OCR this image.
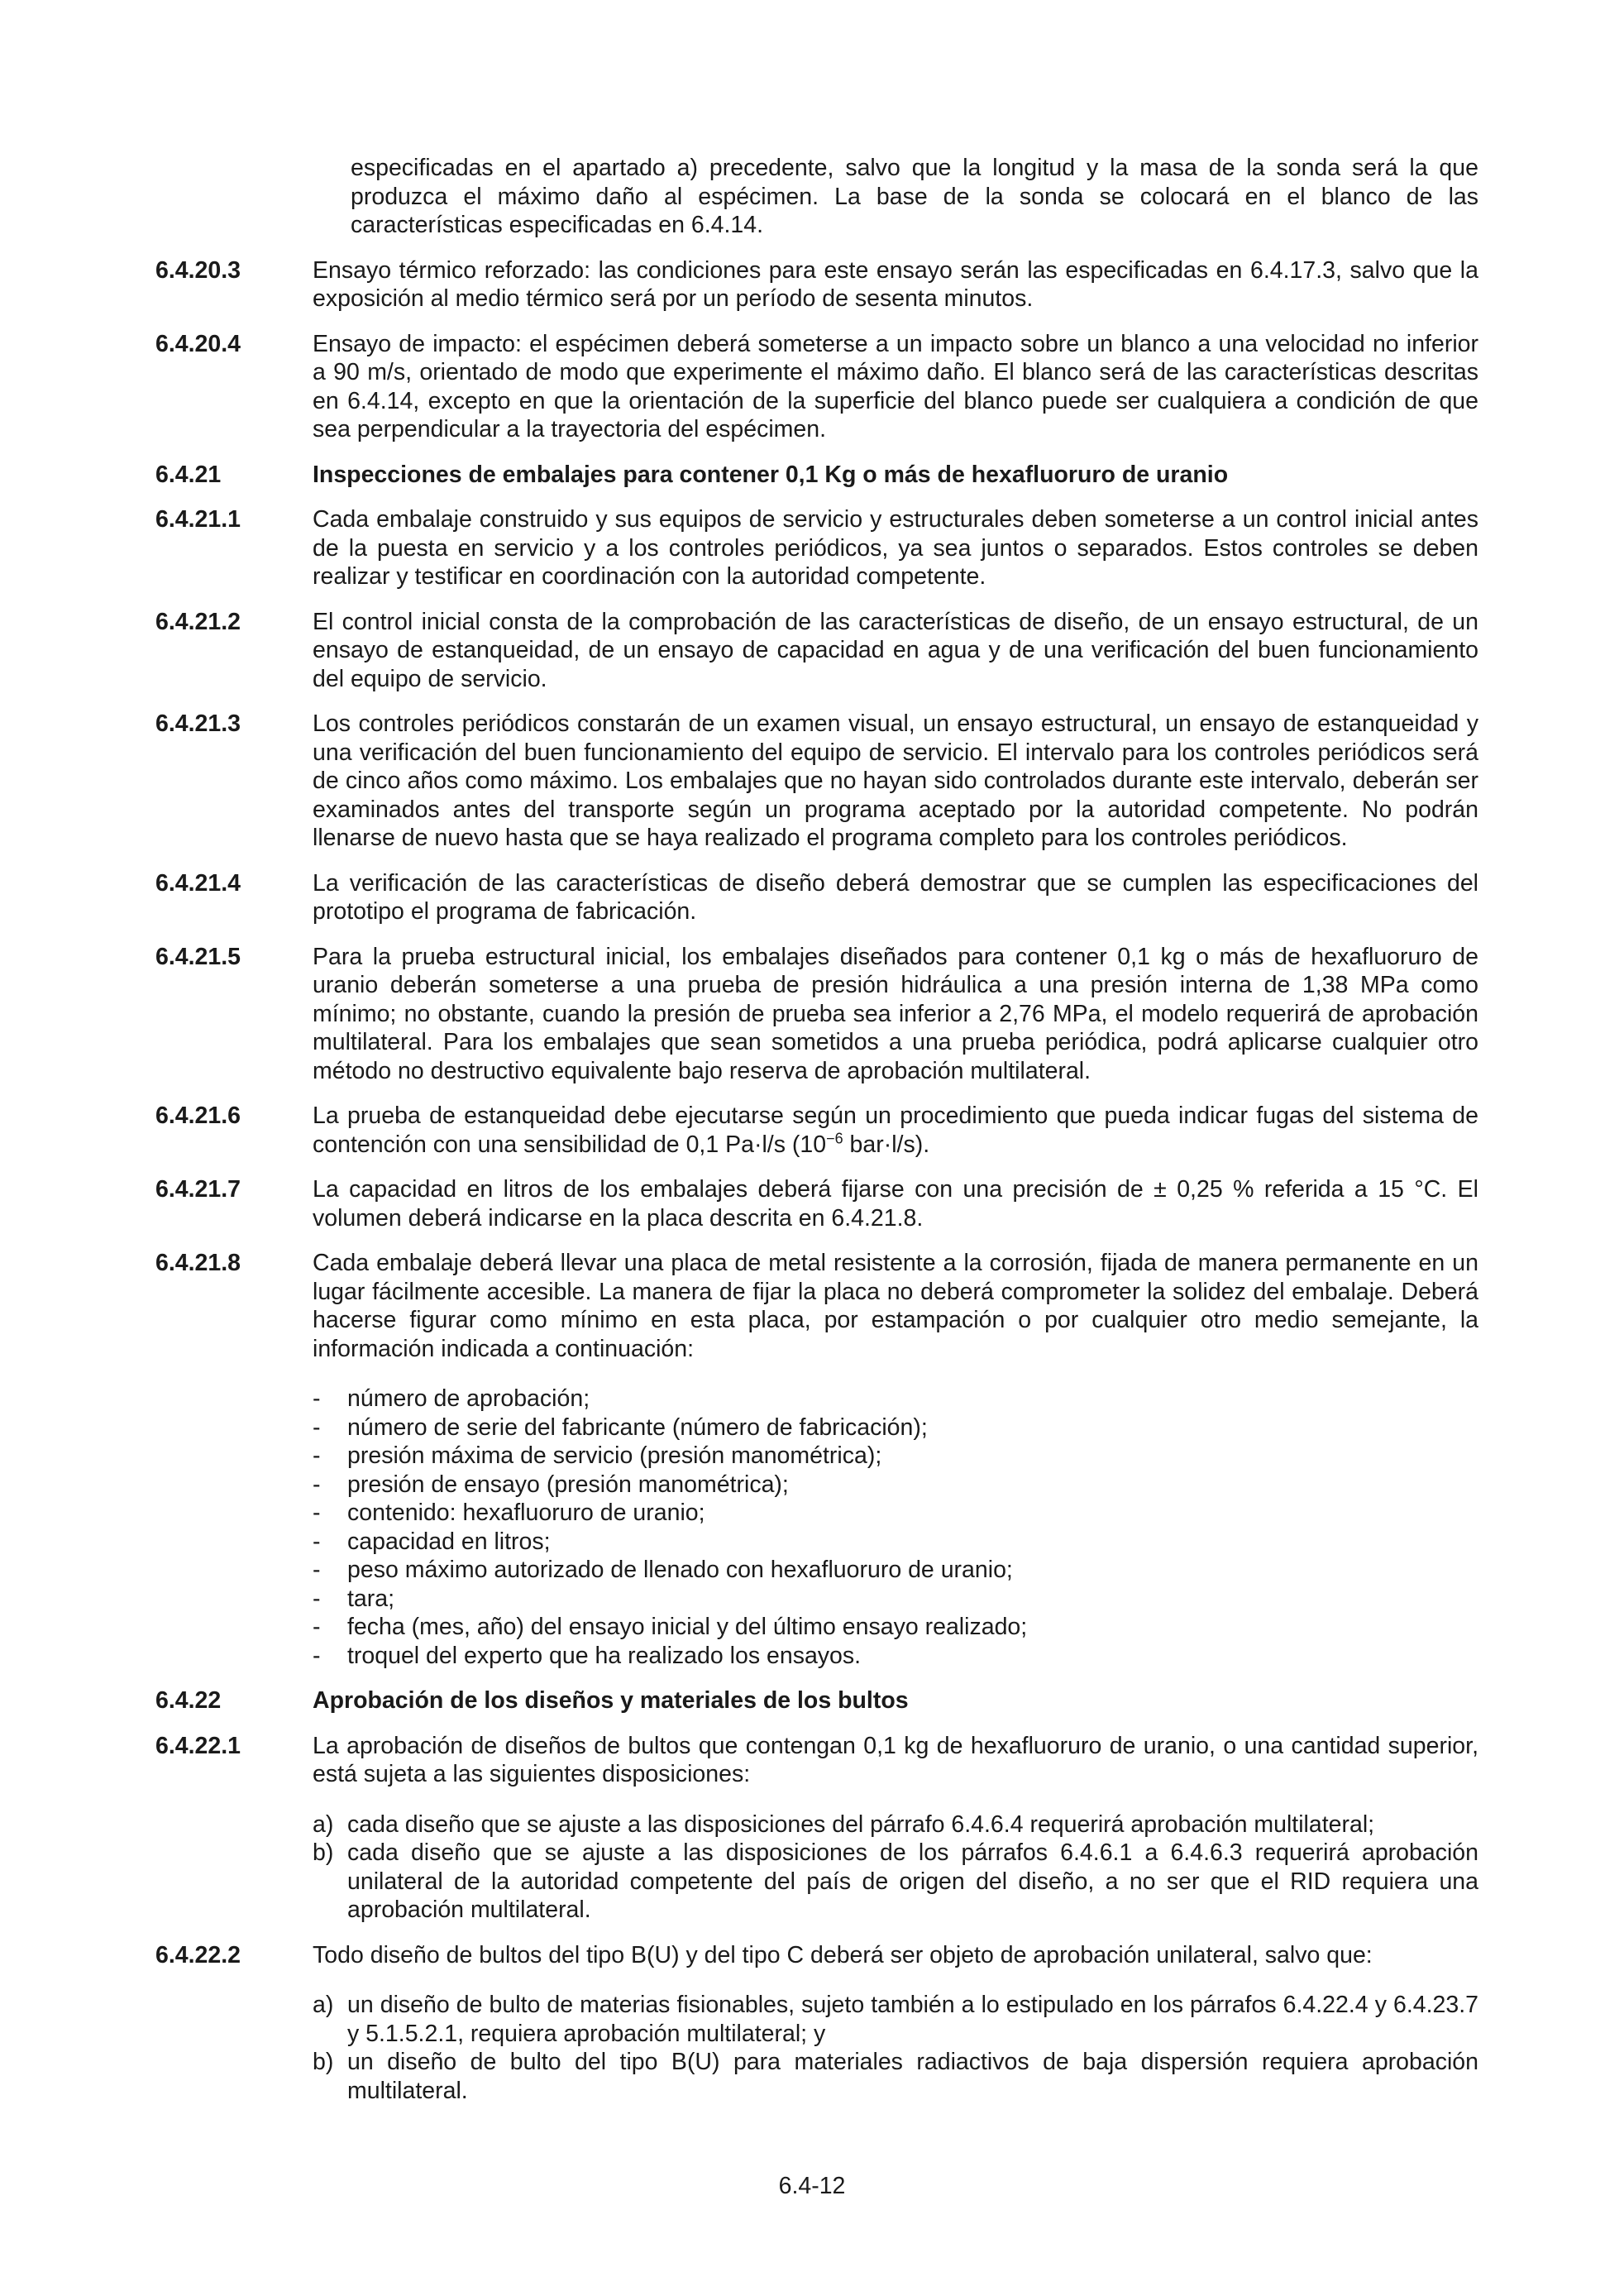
especificadas en el apartado a) precedente, salvo que la longitud y la masa de la sonda será la que produzca el máximo daño al espécimen. La base de la sonda se colocará en el blanco de las características especificadas en 6.4.14.
6.4.20.3	Ensayo térmico reforzado: las condiciones para este ensayo serán las especificadas en 6.4.17.3, salvo que la exposición al medio térmico será por un período de sesenta minutos.
6.4.20.4	Ensayo de impacto: el espécimen deberá someterse a un impacto sobre un blanco a una velocidad no inferior a 90 m/s, orientado de modo que experimente el máximo daño. El blanco será de las características descritas en 6.4.14, excepto en que la orientación de la superficie del blanco puede ser cualquiera a condición de que sea perpendicular a la trayectoria del espécimen.
6.4.21	Inspecciones de embalajes para contener 0,1 Kg o más de hexafluoruro de uranio
6.4.21.1	Cada embalaje construido y sus equipos de servicio y estructurales deben someterse a un control inicial antes de la puesta en servicio y a los controles periódicos, ya sea juntos o separados. Estos controles se deben realizar y testificar en coordinación con la autoridad competente.
6.4.21.2	El control inicial consta de la comprobación de las características de diseño, de un ensayo estructural, de un ensayo de estanqueidad, de un ensayo de capacidad en agua y de una verificación del buen funcionamiento del equipo de servicio.
6.4.21.3	Los controles periódicos constarán de un examen visual, un ensayo estructural, un ensayo de estanqueidad y una verificación del buen funcionamiento del equipo de servicio. El intervalo para los controles periódicos será de cinco años como máximo. Los embalajes que no hayan sido controlados durante este intervalo, deberán ser examinados antes del transporte según un programa aceptado por la autoridad competente. No podrán llenarse de nuevo hasta que se haya realizado el programa completo para los controles periódicos.
6.4.21.4	La verificación de las características de diseño deberá demostrar que se cumplen las especificaciones del prototipo el programa de fabricación.
6.4.21.5	Para la prueba estructural inicial, los embalajes diseñados para contener 0,1 kg o más de hexafluoruro de uranio deberán someterse a una prueba de presión hidráulica a una presión interna de 1,38 MPa como mínimo; no obstante, cuando la presión de prueba sea inferior a 2,76 MPa, el modelo requerirá de aprobación multilateral. Para los embalajes que sean sometidos a una prueba periódica, podrá aplicarse cualquier otro método no destructivo equivalente bajo reserva de aprobación multilateral.
6.4.21.6	La prueba de estanqueidad debe ejecutarse según un procedimiento que pueda indicar fugas del sistema de contención con una sensibilidad de 0,1 Pa·l/s ($10^{-6}$ bar·l/s).
6.4.21.7	La capacidad en litros de los embalajes deberá fijarse con una precisión de ± 0,25 % referida a 15 °C. El volumen deberá indicarse en la placa descrita en 6.4.21.8.
6.4.21.8	Cada embalaje deberá llevar una placa de metal resistente a la corrosión, fijada de manera permanente en un lugar fácilmente accesible. La manera de fijar la placa no deberá comprometer la solidez del embalaje. Deberá hacerse figurar como mínimo en esta placa, por estampación o por cualquier otro medio semejante, la información indicada a continuación:
- número de aprobación;
- número de serie del fabricante (número de fabricación);
- presión máxima de servicio (presión manométrica);
- presión de ensayo (presión manométrica);
- contenido: hexafluoruro de uranio;
- capacidad en litros;
- peso máximo autorizado de llenado con hexafluoruro de uranio;
- tara;
- fecha (mes, año) del ensayo inicial y del último ensayo realizado;
- troquel del experto que ha realizado los ensayos.
6.4.22	Aprobación de los diseños y materiales de los bultos
6.4.22.1	La aprobación de diseños de bultos que contengan 0,1 kg de hexafluoruro de uranio, o una cantidad superior, está sujeta a las siguientes disposiciones:
a) cada diseño que se ajuste a las disposiciones del párrafo 6.4.6.4 requerirá aprobación multilateral;
b) cada diseño que se ajuste a las disposiciones de los párrafos 6.4.6.1 a 6.4.6.3 requerirá aprobación unilateral de la autoridad competente del país de origen del diseño, a no ser que el RID requiera una aprobación multilateral.
6.4.22.2	Todo diseño de bultos del tipo B(U) y del tipo C deberá ser objeto de aprobación unilateral, salvo que:
a) un diseño de bulto de materias fisionables, sujeto también a lo estipulado en los párrafos 6.4.22.4 y 6.4.23.7 y 5.1.5.2.1, requiera aprobación multilateral; y
b) un diseño de bulto del tipo B(U) para materiales radiactivos de baja dispersión requiera aprobación multilateral.
6.4-12
